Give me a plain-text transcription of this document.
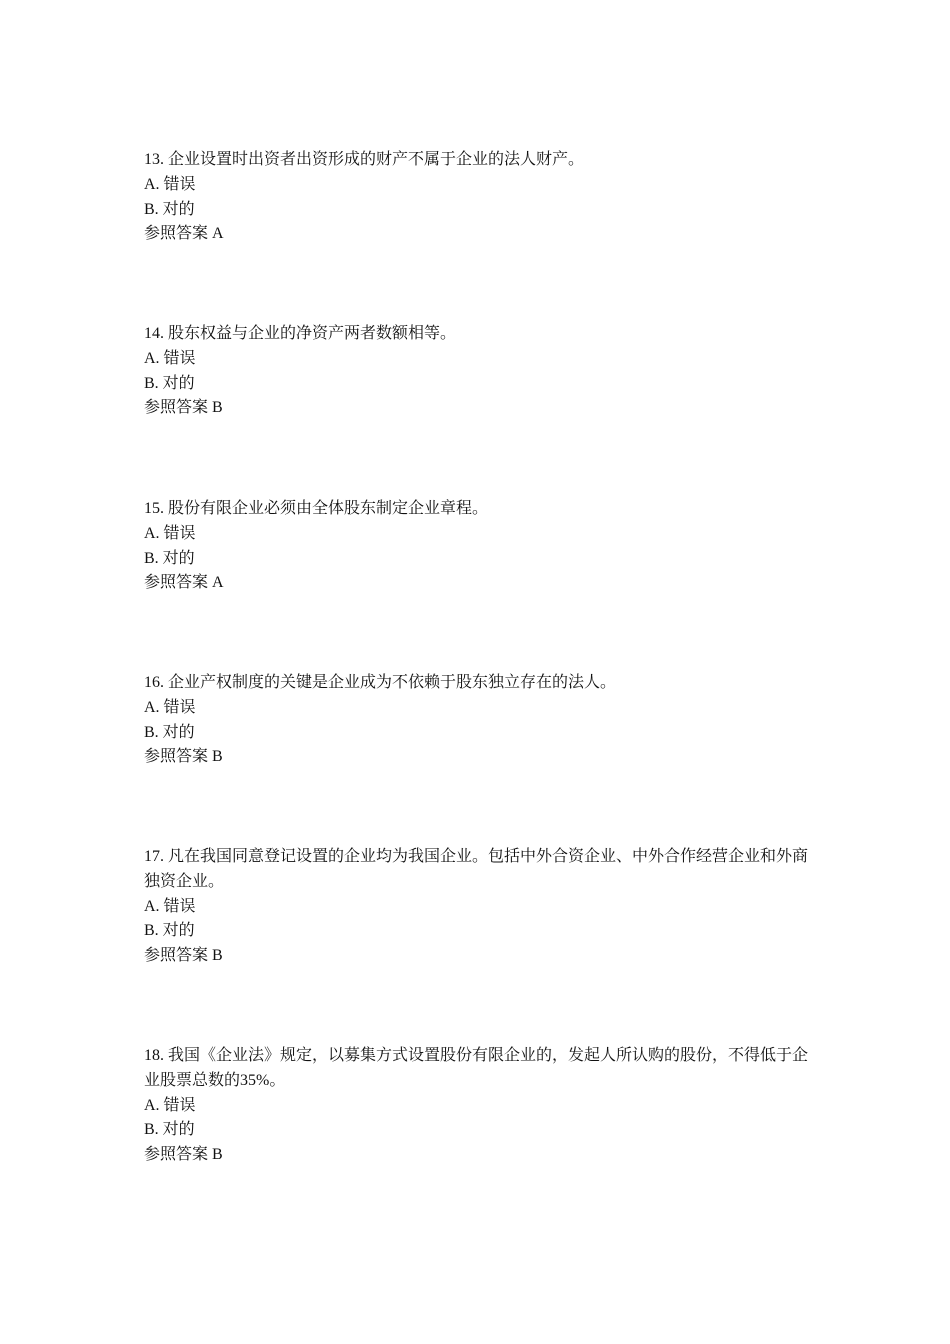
13. 企业设置时出资者出资形成的财产不属于企业的法人财产。
A. 错误
B. 对的
参照答案 A
14. 股东权益与企业的净资产两者数额相等。
A. 错误
B. 对的
参照答案 B
15. 股份有限企业必须由全体股东制定企业章程。
A. 错误
B. 对的
参照答案 A
16. 企业产权制度的关键是企业成为不依赖于股东独立存在的法人。
A. 错误
B. 对的
参照答案 B
17. 凡在我国同意登记设置的企业均为我国企业。包括中外合资企业、中外合作经营企业和外商独资企业。
A. 错误
B. 对的
参照答案 B
18. 我国《企业法》规定，以募集方式设置股份有限企业的，发起人所认购的股份，不得低于企业股票总数的35%。
A. 错误
B. 对的
参照答案 B
